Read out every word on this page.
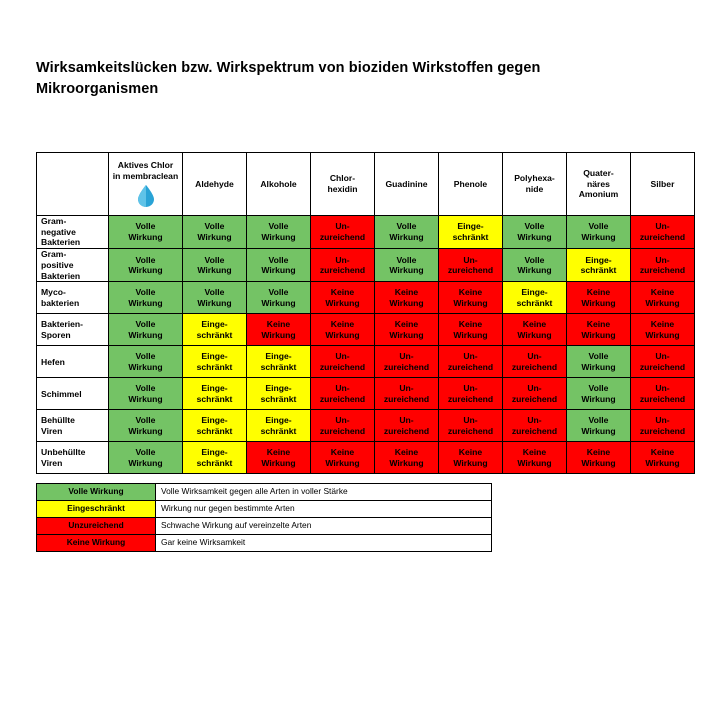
Wirksamkeitslücken bzw. Wirkspektrum von bioziden Wirkstoffen gegen Mikroorganismen

	Aktives Chlor
in membraclean	Aldehyde	Alkohole	Chlor-
hexidin	Guadinine	Phenole	Polyhexa-
nide	Quater-
näres
Amonium	Silber

Gram-
negative
Bakterien	Volle
Wirkung	Volle
Wirkung	Volle
Wirkung	Un-
zureichend	Volle
Wirkung	Einge-
schränkt	Volle
Wirkung	Volle
Wirkung	Un-
zureichend

Gram-
positive
Bakterien	Volle
Wirkung	Volle
Wirkung	Volle
Wirkung	Un-
zureichend	Volle
Wirkung	Un-
zureichend	Volle
Wirkung	Einge-
schränkt	Un-
zureichend

Myco-
bakterien	Volle
Wirkung	Volle
Wirkung	Volle
Wirkung	Keine
Wirkung	Keine
Wirkung	Keine
Wirkung	Einge-
schränkt	Keine
Wirkung	Keine
Wirkung

Bakterien-
Sporen	Volle
Wirkung	Einge-
schränkt	Keine
Wirkung	Keine
Wirkung	Keine
Wirkung	Keine
Wirkung	Keine
Wirkung	Keine
Wirkung	Keine
Wirkung

Hefen	Volle
Wirkung	Einge-
schränkt	Einge-
schränkt	Un-
zureichend	Un-
zureichend	Un-
zureichend	Un-
zureichend	Volle
Wirkung	Un-
zureichend

Schimmel	Volle
Wirkung	Einge-
schränkt	Einge-
schränkt	Un-
zureichend	Un-
zureichend	Un-
zureichend	Un-
zureichend	Volle
Wirkung	Un-
zureichend

Behüllte
Viren	Volle
Wirkung	Einge-
schränkt	Einge-
schränkt	Un-
zureichend	Un-
zureichend	Un-
zureichend	Un-
zureichend	Volle
Wirkung	Un-
zureichend

Unbehüllte
Viren	Volle
Wirkung	Einge-
schränkt	Keine
Wirkung	Keine
Wirkung	Keine
Wirkung	Keine
Wirkung	Keine
Wirkung	Keine
Wirkung	Keine
Wirkung
Volle Wirkung	Volle Wirksamkeit gegen alle Arten in voller Stärke
Eingeschränkt	Wirkung nur gegen bestimmte Arten
Unzureichend	Schwache Wirkung auf vereinzelte Arten
Keine Wirkung	Gar keine Wirksamkeit
